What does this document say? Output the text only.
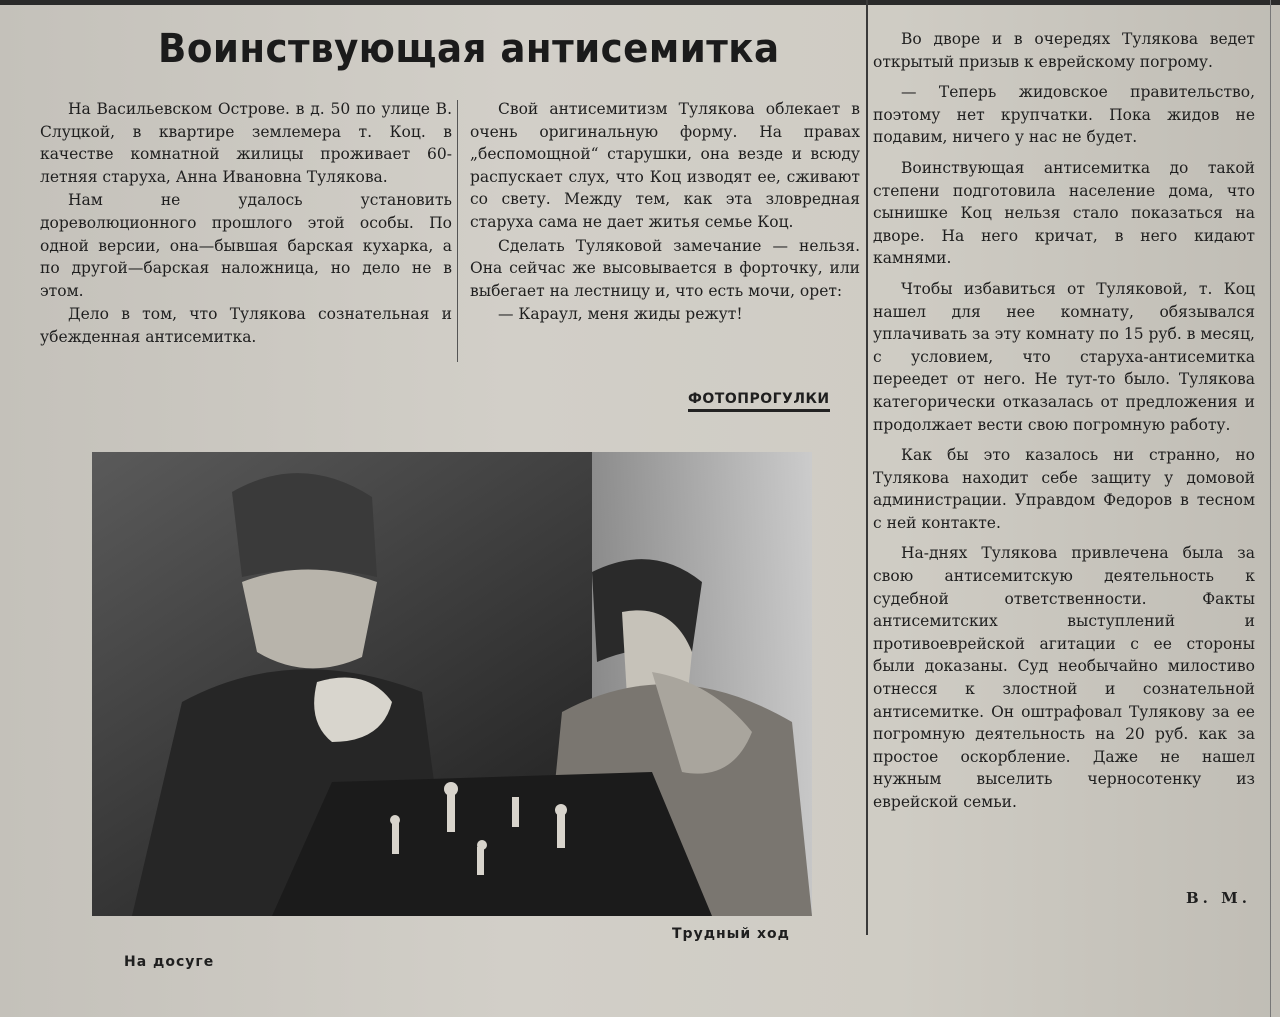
Воинствующая антисемитка

На Васильевском Острове. в д. 50 по улице В. Слуцкой, в квартире землемера т. Коц. в качестве комнатной жилицы проживает 60-летняя старуха, Анна Ивановна Тулякова.

Нам не удалось установить дореволюционного прошлого этой особы. По одной версии, она—бывшая барская кухарка, а по другой—барская наложница, но дело не в этом.

Дело в том, что Тулякова сознательная и убежденная антисемитка.

Свой антисемитизм Тулякова облекает в очень оригинальную форму. На правах „беспомощной“ старушки, она везде и всюду распускает слух, что Коц изводят ее, сживают со свету. Между тем, как эта зловредная старуха сама не дает житья семье Коц.

Сделать Туляковой замечание — нельзя. Она сейчас же высовывается в форточку, или выбегает на лестницу и, что есть мочи, орет:

— Караул, меня жиды режут!

Во дворе и в очередях Тулякова ведет открытый призыв к еврейскому погрому.

— Теперь жидовское правительство, поэтому нет крупчатки. Пока жидов не подавим, ничего у нас не будет.

Воинствующая антисемитка до такой степени подготовила население дома, что сынишке Коц нельзя стало показаться на дворе. На него кричат, в него кидают камнями.

Чтобы избавиться от Туляковой, т. Коц нашел для нее комнату, обязывался уплачивать за эту комнату по 15 руб. в месяц, с условием, что старуха-антисемитка переедет от него. Не тут-то было. Тулякова категорически отказалась от предложения и продолжает вести свою погромную работу.

Как бы это казалось ни странно, но Тулякова находит себе защиту у домовой администрации. Управдом Федоров в тесном с ней контакте.

На-днях Тулякова привлечена была за свою антисемитскую деятельность к судебной ответственности. Факты антисемитских выступлений и противоеврейской агитации с ее стороны были доказаны. Суд необычайно милостиво отнесся к злостной и сознательной антисемитке. Он оштрафовал Тулякову за ее погромную деятельность на 20 руб. как за простое оскорбление. Даже не нашел нужным выселить черносотенку из еврейской семьи.

В. М.
ФОТОПРОГУЛКИ
На досуге
Трудный ход
